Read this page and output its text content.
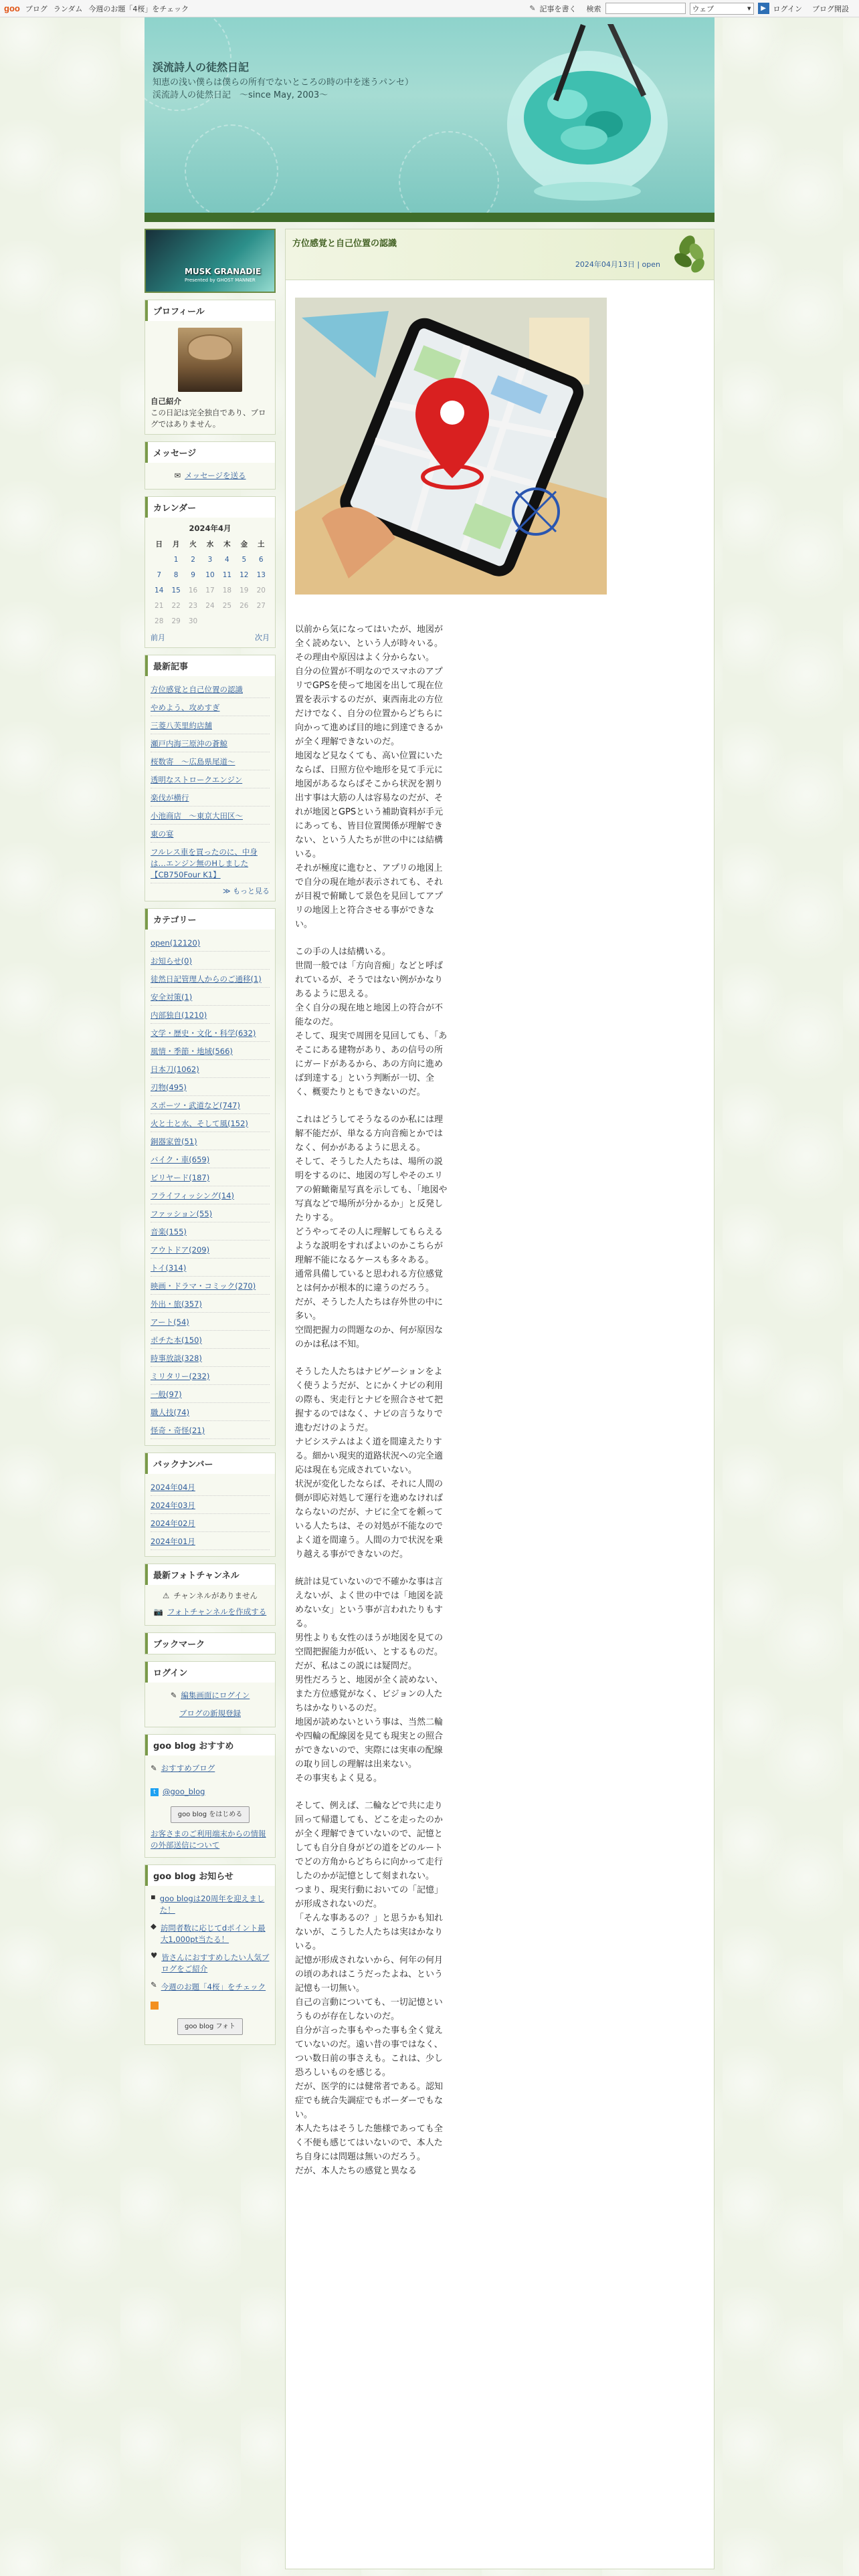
goo ブログ ランダム 今週のお題「4桜」をチェック	✎ 記事を書く 検索	ウェブ	▾	▶ ログイン ブログ開設
渓流詩人の徒然日記
知恵の浅い僕らは僕らの所有でないところの時の中を迷うパンセ）　渓流詩人の徒然日記　〜since May, 2003〜
MUSK GRANADIE
Presented by GHOST MANNER
プロフィール
自己紹介
この日記は完全独自であり、ブログではありません。
メッセージ
✉ メッセージを送る
カレンダー
2024年4月
日	月	火	水	木	金	土
	1	2	3	4	5	6
7	8	9	10	11	12	13
14	15	16	17	18	19	20
21	22	23	24	25	26	27
28	29	30				
前月	次月
最新記事
方位感覚と自己位置の認識
やめよう、攻めすぎ
三菱八芙里約店舗
瀬戸内海三原沖の蒼鯨
桜数寄　〜広島県尾道〜
透明なストロークエンジン
楽伐が横行
小池商店　〜東京大田区〜
東の宴
フルレス車を買ったのに、中身は…エンジン無のHしました【CB750Four K1】
≫ もっと見る
カテゴリー
open(12120)
お知らせ(0)
徒然日記管理人からのご通移(1)
安全対策(1)
内部独自(1210)
文学・歴史・文化・科学(632)
風情・季節・地域(566)
日本刀(1062)
刃物(495)
スポーツ・武道など(747)
火と土と水、そして風(152)
銅器家曽(51)
バイク・車(659)
ビリヤード(187)
フライフィッシング(14)
ファッション(55)
音楽(155)
アウトドア(209)
トイ(314)
映画・ドラマ・コミック(270)
外出・旅(357)
アート(54)
ポチた本(150)
時事放談(328)
ミリタリー(232)
一般(97)
職人技(74)
怪奇・奇怪(21)
バックナンバー
2024年04月
2024年03月
2024年02月
2024年01月
最新フォトチャンネル
⚠ チャンネルがありません
📷 フォトチャンネルを作成する
ブックマーク
ログイン
✎ 編集画面にログイン
ブログの新規登録
goo blog おすすめ
✎ おすすめブログ
t @goo_blog
goo blog をはじめる
お客さまのご利用端末からの情報の外部送信について
goo blog お知らせ
▪ goo blogは20周年を迎えました！
◆ 訪問者数に応じてdポイント最大1,000pt当たる！
♥ 皆さんにおすすめしたい人気ブログをご紹介
✎ 今週のお題「4桜」をチェック
goo blog フォト
方位感覚と自己位置の認識
2024年04月13日 | open

以前から気になってはいたが、地図が全く読めない、という人が時々いる。

その理由や原因はよく分からない。

自分の位置が不明なのでスマホのアプリでGPSを使って地図を出して現在位置を表示するのだが、東西南北の方位だけでなく、自分の位置からどちらに向かって進めば目的地に到達できるかが全く理解できないのだ。

地図など見なくても、高い位置にいたならば、日照方位や地形を見て手元に地図があるならばそこから状況を割り出す事は大筋の人は容易なのだが、それが地図とGPSという補助資料が手元にあっても、皆目位置関係が理解できない、という人たちが世の中には結構いる。

それが極度に進むと、アプリの地図上で自分の現在地が表示されても、それが目視で俯瞰して景色を見回してアプリの地図上と符合させる事ができない。

この手の人は結構いる。

世間一般では「方向音痴」などと呼ばれているが、そうではない例がかなりあるように思える。

全く自分の現在地と地図上の符合が不能なのだ。

そして、現実で周囲を見回しても、「あそこにある建物があり、あの信号の所にガードがあるから、あの方向に進めば到達する」という判断が一切、全く、概要たりともできないのだ。

これはどうしてそうなるのか私には理解不能だが、単なる方向音痴とかではなく、何かがあるように思える。

そして、そうした人たちは、場所の説明をするのに、地図の写しやそのエリアの俯瞰衛星写真を示しても、「地図や写真などで場所が分かるか」と反発したりする。

どうやってその人に理解してもらえるような説明をすればよいのかこちらが理解不能になるケースも多々ある。

通常具備していると思われる方位感覚とは何かが根本的に違うのだろう。

だが、そうした人たちは存外世の中に多い。

空間把握力の問題なのか、何が原因なのかは私は不知。

そうした人たちはナビゲーションをよく使うようだが、とにかくナビの利用の際も、実走行とナビを照合させて把握するのではなく、ナビの言うなりで進むだけのようだ。

ナビシステムはよく道を間違えたりする。細かい現実的道路状況への完全適応は現在も完成されていない。

状況が変化したならば、それに人間の側が即応対処して運行を進めなければならないのだが、ナビに全てを頼っている人たちは、その対処が不能なのでよく道を間違う。人間の力で状況を乗り越える事ができないのだ。

統計は見ていないので不確かな事は言えないが、よく世の中では「地図を読めない女」という事が言われたりもする。

男性よりも女性のほうが地図を見ての空間把握能力が低い、とするものだ。

だが、私はこの説には疑問だ。

男性だろうと、地図が全く読めない、また方位感覚がなく、ビジョンの人たちはかなりいるのだ。

地図が読めないという事は、当然二輪や四輪の配線図を見ても現実との照合ができないので、実際には実車の配線の取り回しの理解は出来ない。

その事実もよく見る。

そして、例えば、二輪などで共に走り回って帰還しても、どこを走ったのかが全く理解できていないので、記憶としても自分自身がどの道をどのルートでどの方角からどちらに向かって走行したのかが記憶として刻まれない。

つまり、現実行動においての「記憶」が形成されないのだ。

「そんな事あるの？」と思うかも知れないが、こうした人たちは実はかなりいる。

記憶が形成されないから、何年の何月の頃のあれはこうだったよね、という記憶も一切無い。

自己の言動についても、一切記憶というものが存在しないのだ。

自分が言った事もやった事も全く覚えていないのだ。遠い昔の事ではなく、つい数日前の事さえも。これは、少し恐ろしいものを感じる。

だが、医学的には健常者である。認知症でも統合失調症でもボーダーでもない。

本人たちはそうした態様であっても全く不便も感じてはいないので、本人たち自身には問題は無いのだろう。

だが、本人たちの感覚と異なる
